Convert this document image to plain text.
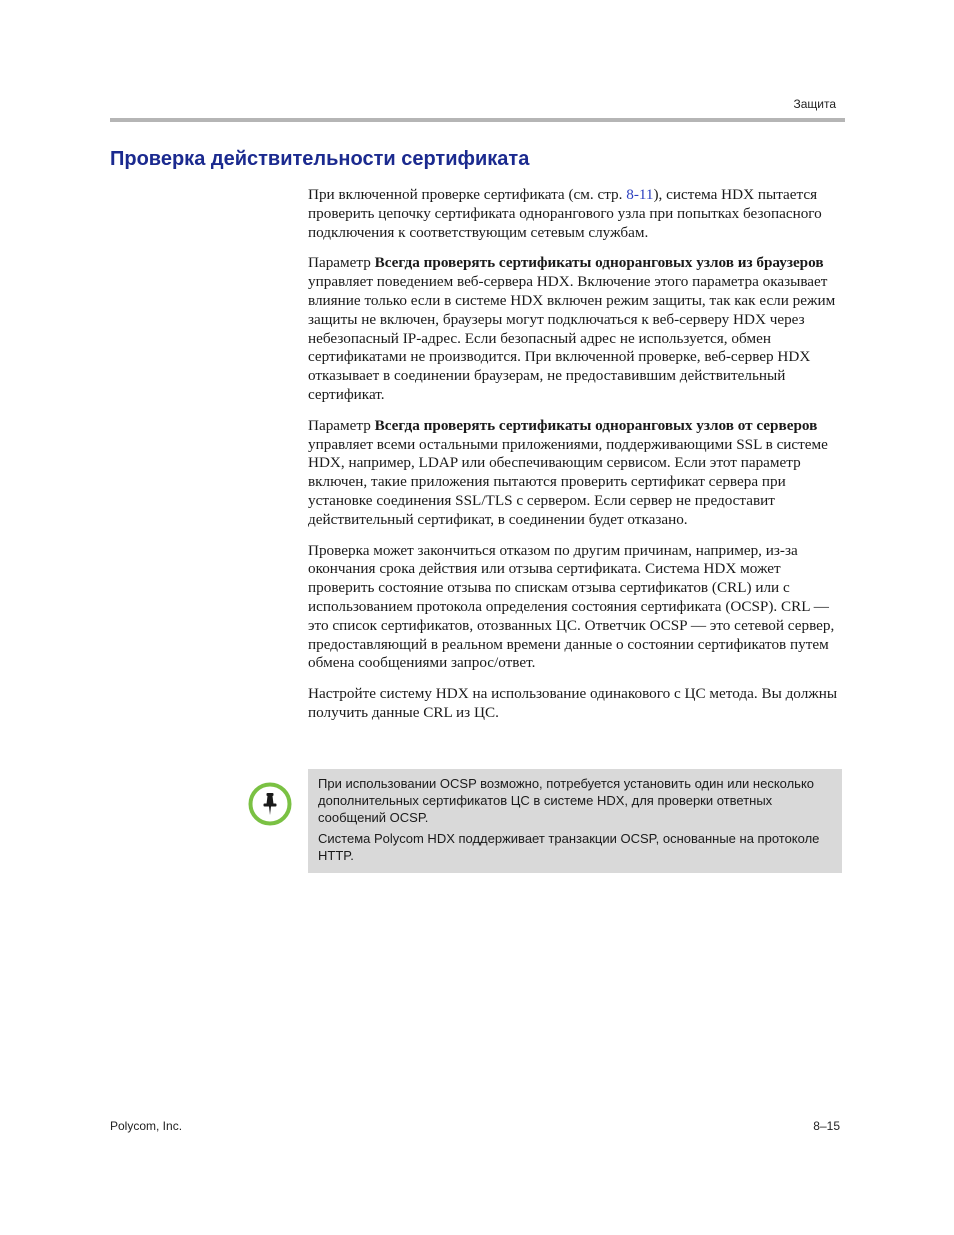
Защита
Проверка действительности сертификата

При включенной проверке сертификата (см. стр. 8-11), система HDX пытается проверить цепочку сертификата однорангового узла при попытках безопасного подключения к соответствующим сетевым службам.

Параметр Всегда проверять сертификаты одноранговых узлов из браузеров управляет поведением веб-сервера HDX. Включение этого параметра оказывает влияние только если в системе HDX включен режим защиты, так как если режим защиты не включен, браузеры могут подключаться к веб-серверу HDX через небезопасный IP-адрес. Если безопасный адрес не используется, обмен сертификатами не производится. При включенной проверке, веб-сервер HDX отказывает в соединении браузерам, не предоставившим действительный сертификат.

Параметр Всегда проверять сертификаты одноранговых узлов от серверов управляет всеми остальными приложениями, поддерживающими SSL в системе HDX, например, LDAP или обеспечивающим сервисом. Если этот параметр включен, такие приложения пытаются проверить сертификат сервера при установке соединения SSL/TLS с сервером. Если сервер не предоставит действительный сертификат, в соединении будет отказано.

Проверка может закончиться отказом по другим причинам, например, из-за окончания срока действия или отзыва сертификата. Система HDX может проверить состояние отзыва по спискам отзыва сертификатов (CRL) или с использованием протокола определения состояния сертификата (OCSP). CRL — это список сертификатов, отозванных ЦС. Ответчик OCSP — это сетевой сервер, предоставляющий в реальном времени данные о состоянии сертификатов путем обмена сообщениями запрос/ответ.

Настройте систему HDX на использование одинакового с ЦС метода. Вы должны получить данные CRL из ЦС.

При использовании OCSP возможно, потребуется установить один или несколько дополнительных сертификатов ЦС в системе HDX, для проверки ответных сообщений OCSP.

Система Polycom HDX поддерживает транзакции OCSP, основанные на протоколе HTTP.

Polycom, Inc.	8–15
